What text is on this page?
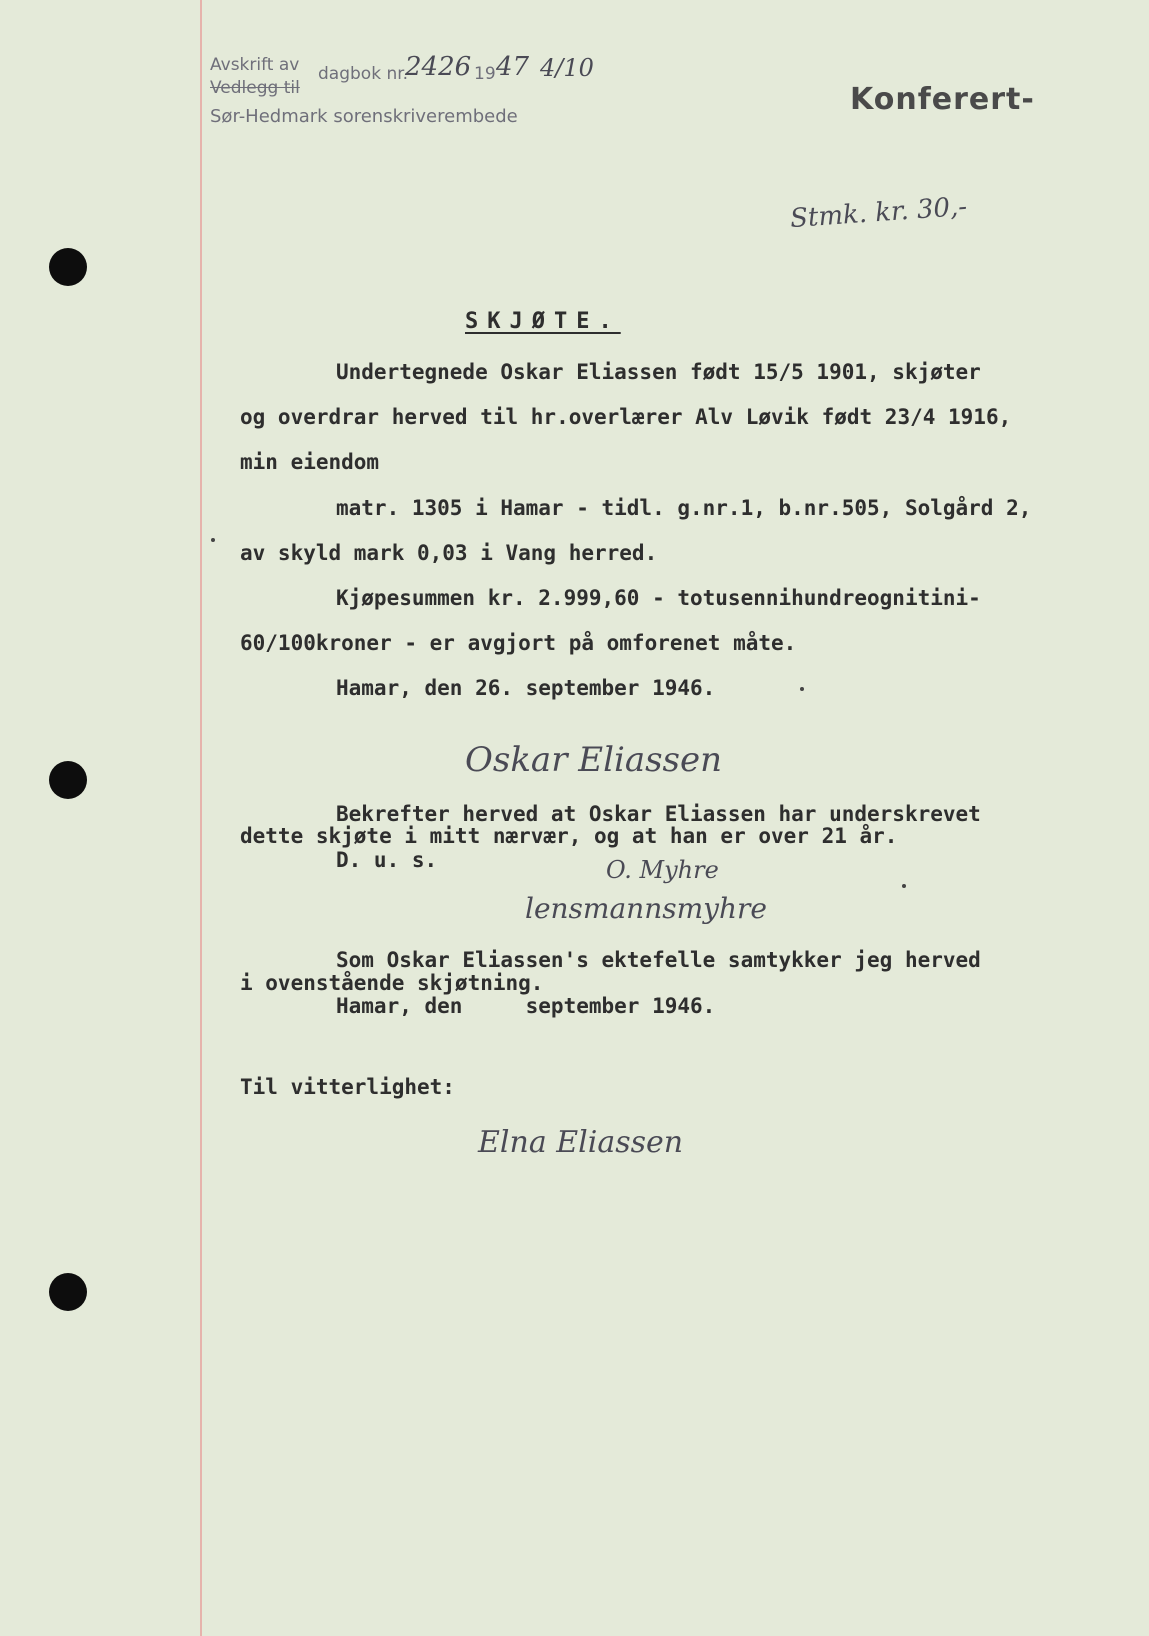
Avskrift av
Vedlegg til
dagbok nr.
2426 19 47 4/10
Sør-Hedmark sorenskriverembede	Konferert-
Stmk. kr. 30,-
SKJØTE.
Undertegnede Oskar Eliassen født 15/5 1901, skjøter
og overdrar herved til hr.overlærer Alv Løvik født 23/4 1916,
min eiendom
matr. 1305 i Hamar - tidl. g.nr.1, b.nr.505, Solgård 2,
av skyld mark 0,03 i Vang herred.
Kjøpesummen kr. 2.999,60 - totusennihundreognitini-
60/100kroner - er avgjort på omforenet måte.
Hamar, den 26. september 1946.
Oskar Eliassen
Bekrefter herved at Oskar Eliassen har underskrevet
dette skjøte i mitt nærvær, og at han er over 21 år.
D. u. s.	O. Myhre
lensmannsmyhre
Som Oskar Eliassen's ektefelle samtykker jeg herved
i ovenstående skjøtning.
Hamar, den     september 1946.
Til vitterlighet:
Elna Eliassen
